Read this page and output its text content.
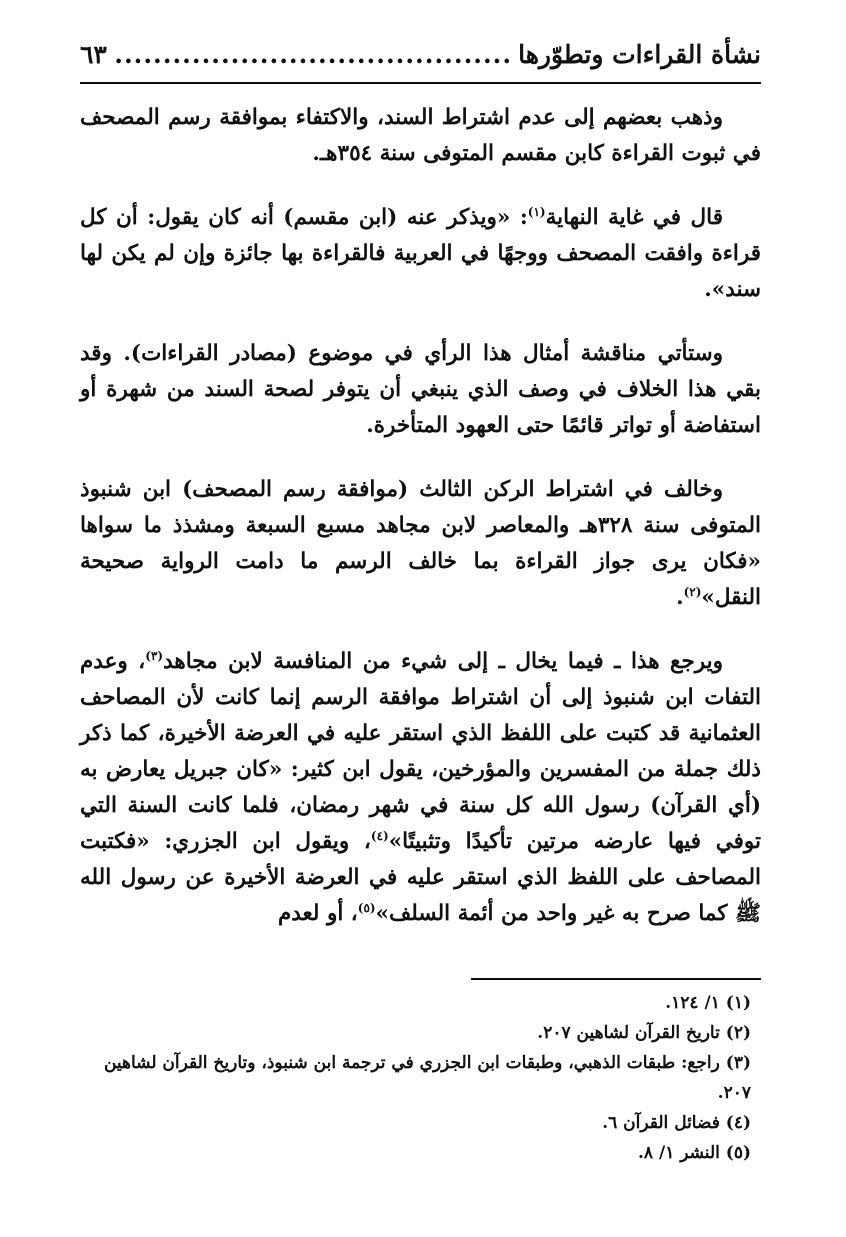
نشأة القراءات وتطوّرها
.....
٦٣

وذهب بعضهم إلى عدم اشتراط السند، والاكتفاء بموافقة رسم المصحف في ثبوت القراءة كابن مقسم المتوفى سنة ٣٥٤هـ.

قال في غاية النهاية$^{(١)}$: «ويذكر عنه (ابن مقسم) أنه كان يقول: أن كل قراءة وافقت المصحف ووجهًا في العربية فالقراءة بها جائزة وإن لم يكن لها سند».

وستأتي مناقشة أمثال هذا الرأي في موضوع (مصادر القراءات). وقد بقي هذا الخلاف في وصف الذي ينبغي أن يتوفر لصحة السند من شهرة أو استفاضة أو تواتر قائمًا حتى العهود المتأخرة.

وخالف في اشتراط الركن الثالث (موافقة رسم المصحف) ابن شنبوذ المتوفى سنة ٣٢٨هـ والمعاصر لابن مجاهد مسبع السبعة ومشذذ ما سواها «فكان يرى جواز القراءة بما خالف الرسم ما دامت الرواية صحيحة النقل»$^{(٢)}$.

ويرجع هذا ـ فيما يخال ـ إلى شيء من المنافسة لابن مجاهد$^{(٣)}$، وعدم التفات ابن شنبوذ إلى أن اشتراط موافقة الرسم إنما كانت لأن المصاحف العثمانية قد كتبت على اللفظ الذي استقر عليه في العرضة الأخيرة، كما ذكر ذلك جملة من المفسرين والمؤرخين، يقول ابن كثير: «كان جبريل يعارض به (أي القرآن) رسول الله كل سنة في شهر رمضان، فلما كانت السنة التي توفي فيها عارضه مرتين تأكيدًا وتثبيتًا»$^{(٤)}$، ويقول ابن الجزري: «فكتبت المصاحف على اللفظ الذي استقر عليه في العرضة الأخيرة عن رسول الله ﷺ كما صرح به غير واحد من أئمة السلف»$^{(٥)}$، أو لعدم

(١) ١/ ١٢٤.

(٢) تاريخ القرآن لشاهين ٢٠٧.

(٣) راجع: طبقات الذهبي، وطبقات ابن الجزري في ترجمة ابن شنبوذ، وتاريخ القرآن لشاهين ٢٠٧.

(٤) فضائل القرآن ٦.

(٥) النشر ١/ ٨.
